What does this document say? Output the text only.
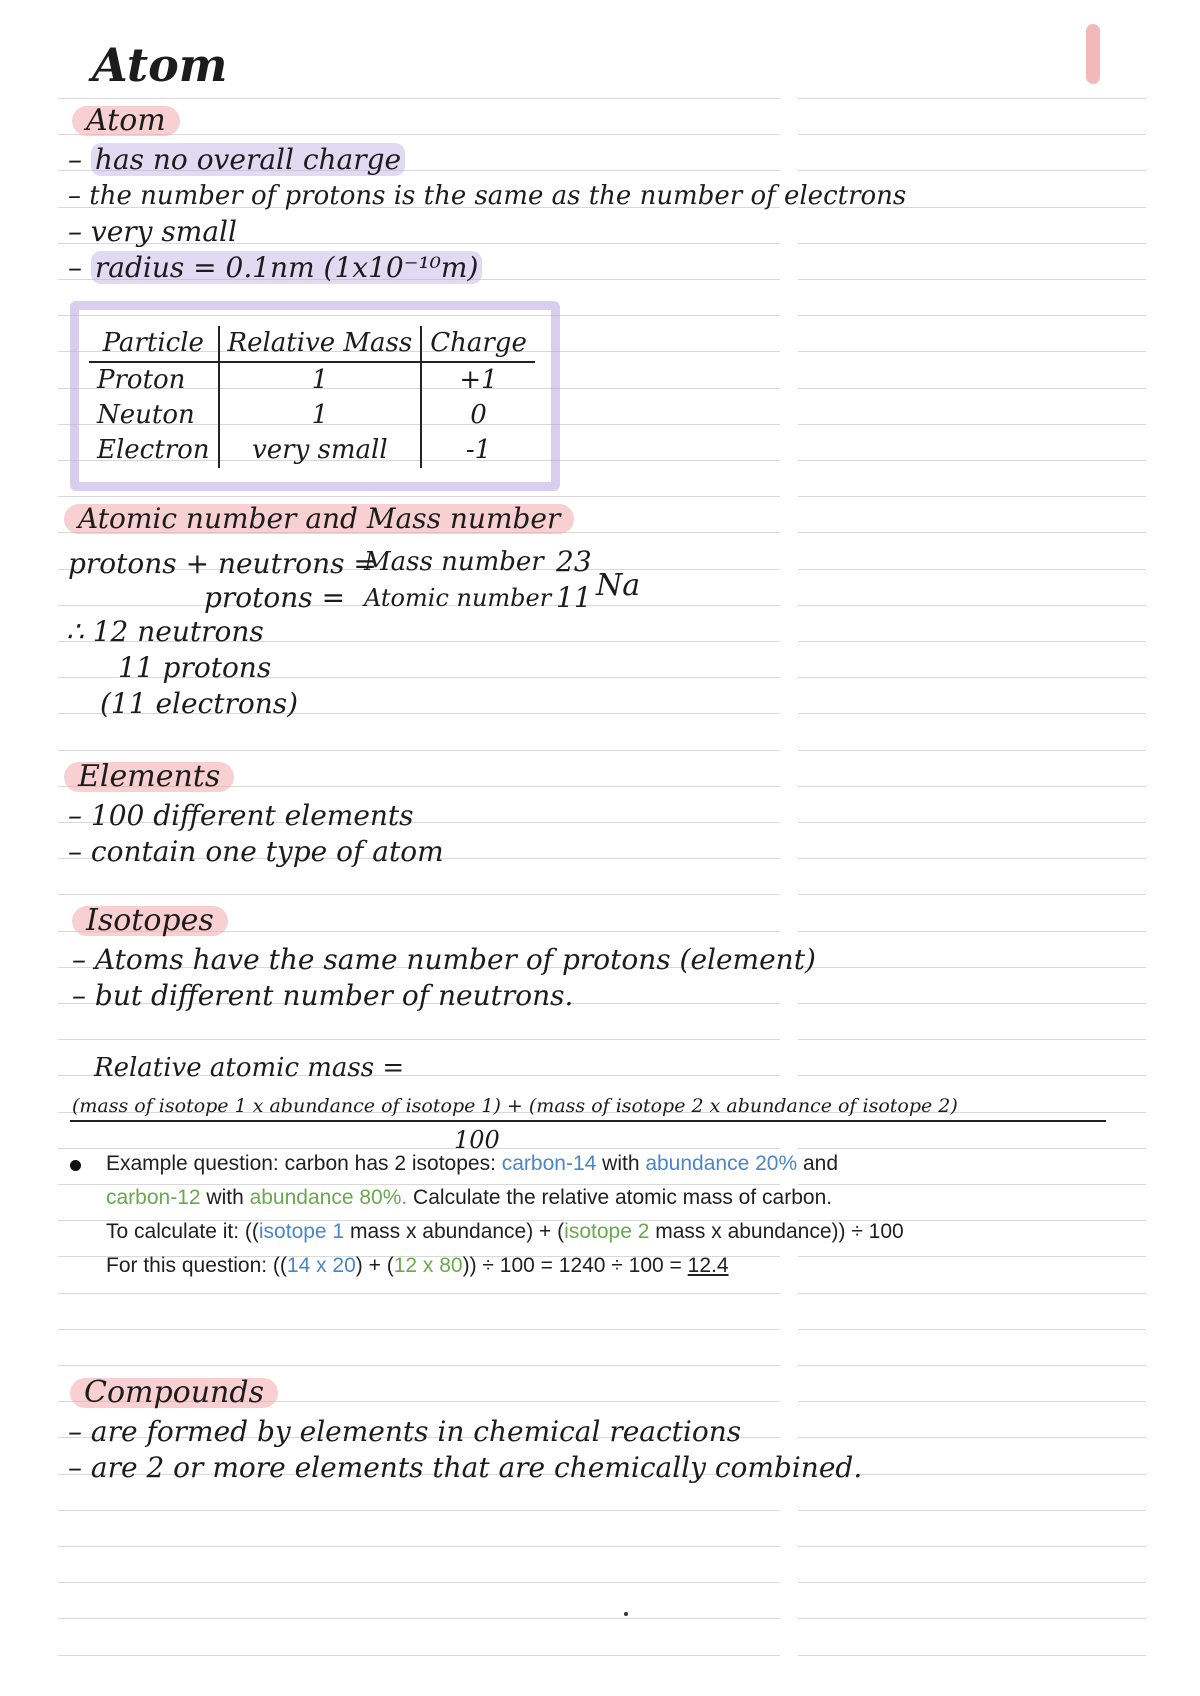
Atom
Atom
– has no overall charge
– the number of protons is the same as the number of electrons
– very small
– radius = 0.1nm (1x10⁻¹⁰m)
Particle	Relative Mass	Charge
Proton	1	+1
Neuton	1	0
Electron	very small	-1
Atomic number and Mass number
protons + neutrons =
Mass number 23
protons = Atomic number 11 Na
∴ 12 neutrons
11 protons
(11 electrons)
Elements
– 100 different elements
– contain one type of atom
Isotopes
– Atoms have the same number of protons (element)
– but different number of neutrons.
Relative atomic mass =
(mass of isotope 1 x abundance of isotope 1) + (mass of isotope 2 x abundance of isotope 2)
100
Example question: carbon has 2 isotopes: carbon-14 with abundance 20% and
carbon-12 with abundance 80%. Calculate the relative atomic mass of carbon.
To calculate it: ((isotope 1 mass x abundance) + (isotope 2 mass x abundance)) ÷ 100
For this question: ((14 x 20) + (12 x 80)) ÷ 100 = 1240 ÷ 100 = 12.4
Compounds
– are formed by elements in chemical reactions
– are 2 or more elements that are chemically combined.
